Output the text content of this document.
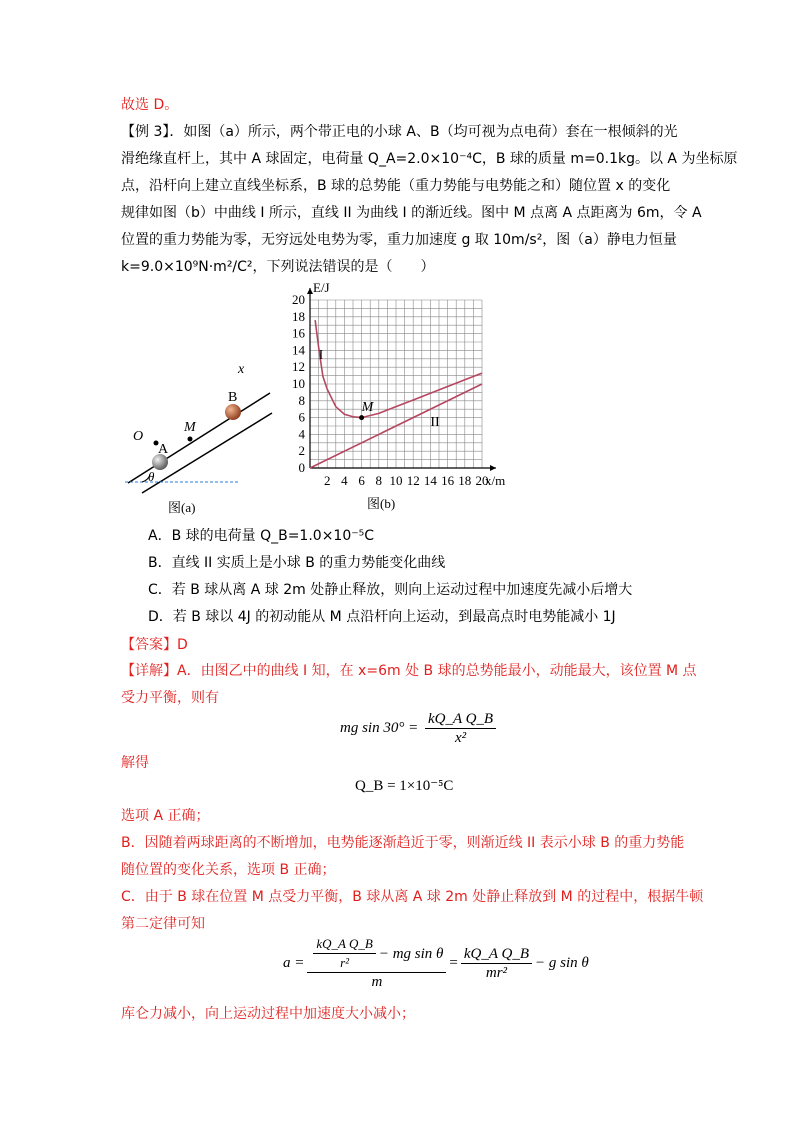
故选 D。
【例 3】．如图（a）所示，两个带正电的小球 A、B（均可视为点电荷）套在一根倾斜的光
滑绝缘直杆上，其中 A 球固定，电荷量 Q_A=2.0×10⁻⁴C，B 球的质量 m=0.1kg。以 A 为坐标原
点，沿杆向上建立直线坐标系，B 球的总势能（重力势能与电势能之和）随位置 x 的变化
规律如图（b）中曲线 I 所示，直线 II 为曲线 I 的渐近线。图中 M 点离 A 点距离为 6m，令 A
位置的重力势能为零，无穷远处电势为零，重力加速度 g 取 10m/s²，图（a）静电力恒量
k=9.0×10⁹N·m²/C²，下列说法错误的是（　　）
x
O
A
B
M
θ
图(a)
0
2
4
6
8
10
12
14
16
18
20
2 4 6 8 10 12 14 16 18 20
E/J
x/m
I
II
M
图(b)
A．B 球的电荷量 Q_B=1.0×10⁻⁵C
B．直线 II 实质上是小球 B 的重力势能变化曲线
C．若 B 球从离 A 球 2m 处静止释放，则向上运动过程中加速度先减小后增大
D．若 B 球以 4J 的初动能从 M 点沿杆向上运动，到最高点时电势能减小 1J
【答案】D
【详解】A．由图乙中的曲线 I 知，在 x=6m 处 B 球的总势能最小，动能最大，该位置 M 点
受力平衡，则有
mg $\sin 30^\circ = \frac{\text{kQ\_A Q\_B}}{\text{x²}}$
解得
Q_B = 1×10⁻⁵C
选项 A 正确；
B．因随着两球距离的不断增加，电势能逐渐趋近于零，则渐近线 II 表示小球 B 的重力势能
随位置的变化关系，选项 B 正确；
C．由于 B 球在位置 M 点受力平衡，B 球从离 A 球 2m 处静止释放到 M 的过程中，根据牛顿
第二定律可知
$a = \frac{\frac{\text{kQ\_A Q\_B}}{\text{r²}} - mg \sin \theta}{m} = \frac{\text{kQ\_A Q\_B}}{\text{mr²}} - g$ sin θ
库仑力减小，向上运动过程中加速度大小减小；
